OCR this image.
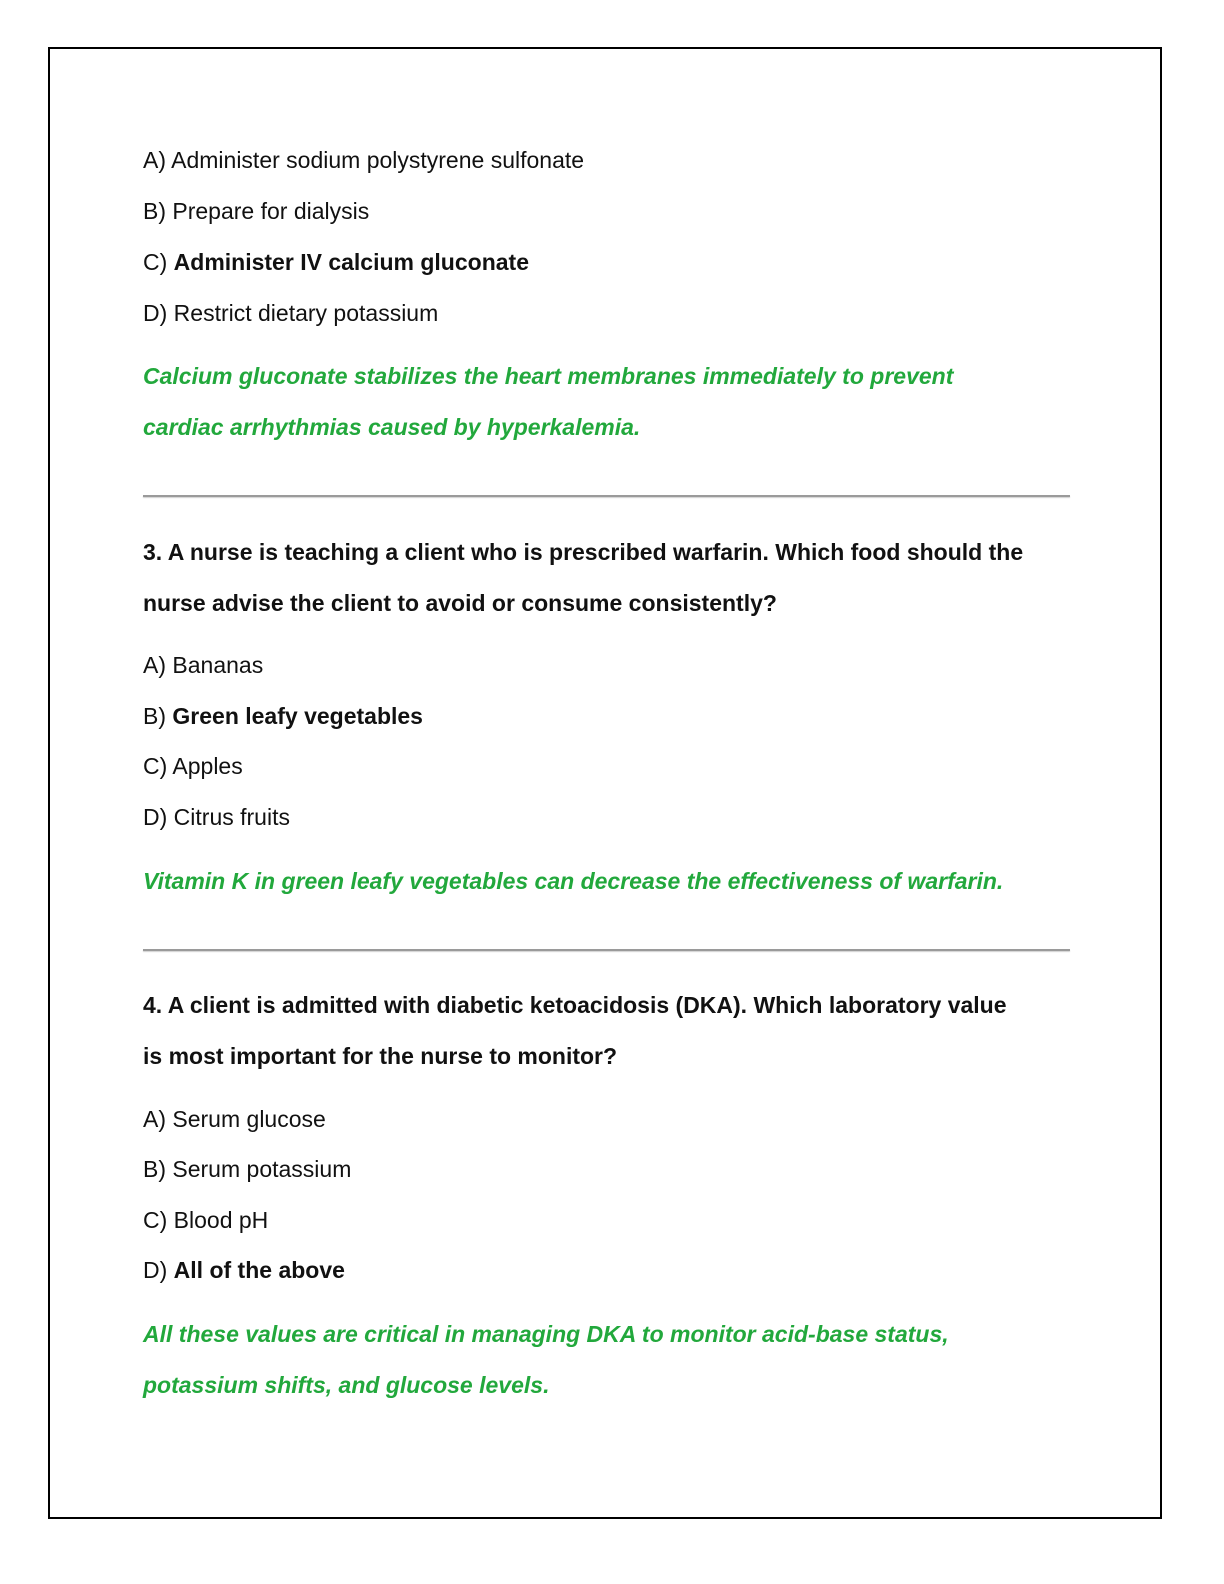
A) Administer sodium polystyrene sulfonate
B) Prepare for dialysis
C) Administer IV calcium gluconate
D) Restrict dietary potassium
Calcium gluconate stabilizes the heart membranes immediately to prevent
cardiac arrhythmias caused by hyperkalemia.
3. A nurse is teaching a client who is prescribed warfarin. Which food should the
nurse advise the client to avoid or consume consistently?
A) Bananas
B) Green leafy vegetables
C) Apples
D) Citrus fruits
Vitamin K in green leafy vegetables can decrease the effectiveness of warfarin.
4. A client is admitted with diabetic ketoacidosis (DKA). Which laboratory value
is most important for the nurse to monitor?
A) Serum glucose
B) Serum potassium
C) Blood pH
D) All of the above
All these values are critical in managing DKA to monitor acid-base status,
potassium shifts, and glucose levels.
